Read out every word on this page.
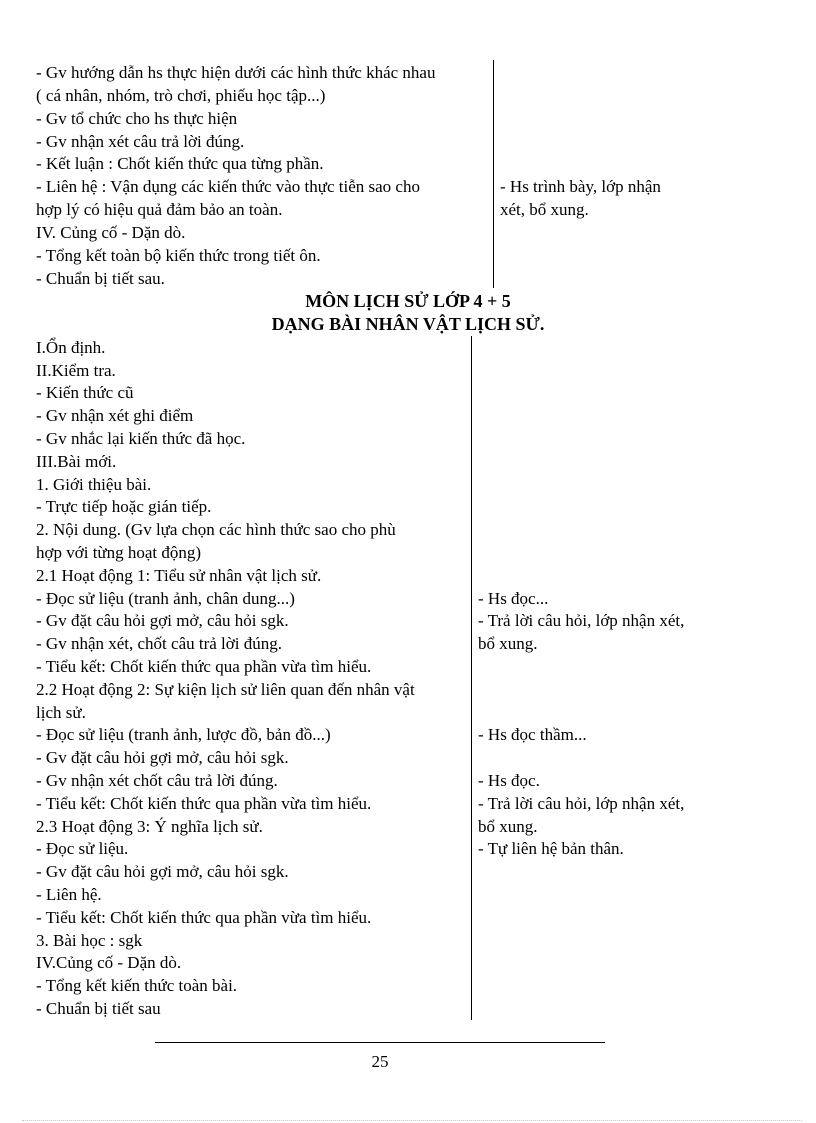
- Gv hướng dẫn hs thực hiện dưới các hình thức khác nhau
( cá nhân, nhóm, trò chơi, phiếu học tập...)
- Gv tổ chức cho hs thực hiện
- Gv nhận xét câu trả lời đúng.
- Kết luận : Chốt kiến thức qua từng phần.
- Liên hệ : Vận dụng các kiến thức vào thực tiễn sao cho
hợp lý có hiệu quả đảm bảo an toàn.
IV. Củng cố - Dặn dò.
- Tổng kết toàn bộ kiến thức trong tiết ôn.
- Chuẩn bị tiết sau.
- Hs trình bày, lớp nhận
xét, bổ xung.
MÔN LỊCH SỬ LỚP 4 + 5
DẠNG BÀI NHÂN VẬT LỊCH SỬ.
I.Ổn định.
II.Kiểm tra.
- Kiến thức cũ
- Gv nhận xét ghi điểm
- Gv nhắc lại kiến thức đã học.
III.Bài mới.
1. Giới thiệu bài.
- Trực tiếp hoặc gián tiếp.
2. Nội dung. (Gv lựa chọn các hình thức sao cho phù
hợp với từng hoạt động)
2.1 Hoạt động 1: Tiểu sử nhân vật lịch sử.
- Đọc sử liệu (tranh ảnh, chân dung...)
- Gv đặt câu hỏi gợi mở, câu hỏi sgk.
- Gv nhận xét, chốt câu trả lời đúng.
- Tiểu kết: Chốt kiến thức qua phần vừa tìm hiểu.
2.2 Hoạt động 2: Sự kiện lịch sử liên quan đến nhân vật
lịch sử.
- Đọc sử liệu (tranh ảnh, lược đồ, bản đồ...)
- Gv đặt câu hỏi gợi mở, câu hỏi sgk.
- Gv nhận xét chốt câu trả lời đúng.
- Tiểu kết: Chốt kiến thức qua phần vừa tìm hiểu.
2.3 Hoạt động 3: Ý nghĩa lịch sử.
- Đọc sử liệu.
- Gv đặt câu hỏi gợi mở, câu hỏi sgk.
- Liên hệ.
- Tiểu kết: Chốt kiến thức qua phần vừa tìm hiểu.
3. Bài học : sgk
IV.Củng cố - Dặn dò.
- Tổng kết kiến thức toàn bài.
- Chuẩn bị tiết sau
- Hs đọc...
- Trả lời câu hỏi, lớp nhận xét,
bổ xung.
- Hs đọc thầm...
- Hs đọc.
- Trả lời câu hỏi, lớp nhận xét,
bổ xung.
- Tự liên hệ bản thân.
25
